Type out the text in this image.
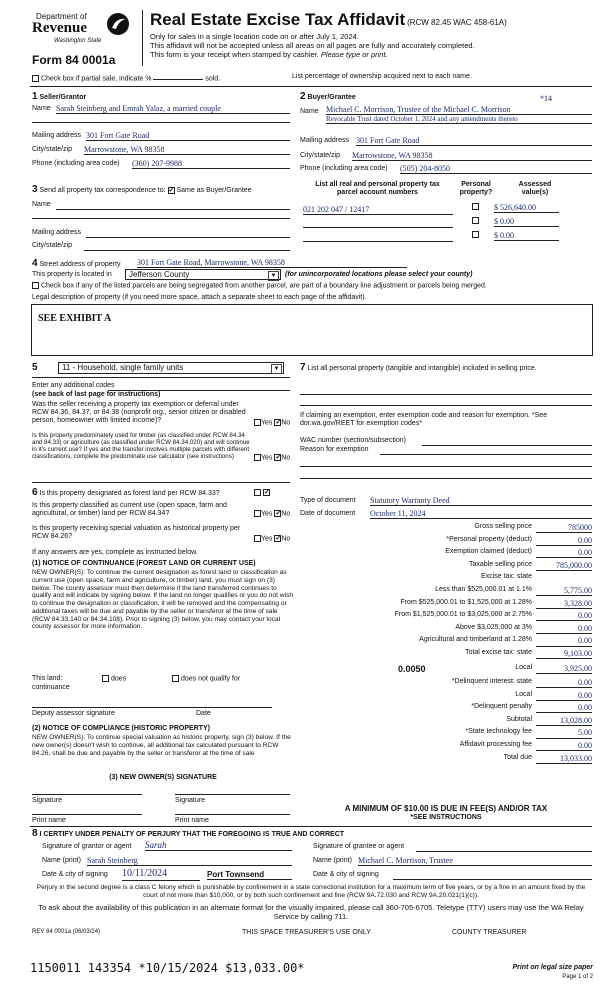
Department of
Revenue
Washington State
Form 84 0001a
Real Estate Excise Tax Affidavit (RCW 82.45 WAC 458-61A)
Only for sales in a single location code on or after July 1, 2024.
This affidavit will not be accepted unless all areas on all pages are fully and accurately completed.
This form is your receipt when stamped by cashier. Please type or print.
Check box if partial sale, indicate %	sold.	List percentage of ownership acquired next to each name.
1 Seller/Grantor
Name Sarah Steinberg and Emrah Yalaz, a married couple
Mailing address 301 Fort Gate Road
City/state/zip Marrowstone, WA 98358
Phone (including area code) (360) 207-9988
2 Buyer/Grantee	*14
Name Michael C. Morrison, Trustee of the Michael C. Morrison
Revocable Trust dated October 1, 2024 and any amendments thereto
Mailing address 301 Fort Gate Road
City/state/zip Marrowstone, WA 98358
Phone (including area code) (505) 204-8050
3 Send all property tax correspondence to: ✓ Same as Buyer/Grantee
Name
Mailing address
City/state/zip
List all real and personal property tax parcel account numbers
Personal property?
Assessed value(s)
021 202 047 / 12417	$ 526,640.00
$ 0.00
$ 0.00
4 Street address of property	301 Fort Gate Road, Marrowstone, WA 98358
This property is located in	Jefferson County	▼	(for unincorporated locations please select your county)
Check box if any of the listed parcels are being segregated from another parcel, are part of a boundary line adjustment or parcels being merged.
Legal description of property (if you need more space, attach a separate sheet to each page of the affidavit).
SEE EXHIBIT A
5	11 - Household, single family units	▼
Enter any additional codes
(see back of last page for instructions)
Was the seller receiving a property tax exemption or deferral under RCW 84.36, 84.37, or 84.38 (nonprofit org., senior citizen or disabled person, homeowner with limited income)?	Yes ✓ No
Is this property predominately used for timber (as classified under RCW 84.34 and 84.33) or agriculture (as classified under RCW 84.34.020) and will continue in it's current use? If yes and the transfer involves multiple parcels with different classifications, complete the predominate use calculator (see instructions)	Yes ✓ No
6 Is this property designated as forest land per RCW 84.33?
✓
Is this property classified as current use (open space, farm and agricultural, or timber) land per RCW 84.34?	Yes ✓ No
Is this property receiving special valuation as historical property per RCW 84.26?	Yes ✓ No
If any answers are yes, complete as instructed below.
(1) NOTICE OF CONTINUANCE (FOREST LAND OR CURRENT USE)
NEW OWNER(S): To continue the current designation as forest land or classification as current use (open space, farm and agriculture, or timber) land, you must sign on (3) below. The county assessor must then determine if the land transferred continues to qualify and will indicate by signing below. If the land no longer qualifies or you do not wish to continue the designation or classification, it will be removed and the compensating or additional taxes will be due and payable by the seller or transferor at the time of sale (RCW 84.33.140 or 84.34.108). Prior to signing (3) below, you may contact your local county assessor for more information.
This land:	does	does not qualify for
continuance
Deputy assessor signature	Date
(2) NOTICE OF COMPLIANCE (HISTORIC PROPERTY)
NEW OWNER(S): To continue special valuation as historic property, sign (3) below. If the new owner(s) doesn't wish to continue, all additional tax calculated pursuant to RCW 84.26, shall be due and payable by the seller or transferor at the time of sale
(3) NEW OWNER(S) SIGNATURE
Signature	Signature
Print name	Print name
7 List all personal property (tangible and intangible) included in selling price.
If claiming an exemption, enter exemption code and reason for exemption. *See dor.wa.gov/REET for exemption codes*
WAC number (section/subsection)
Reason for exemption
Type of document Statutory Warranty Deed
Date of document October 11, 2024
Gross selling price	785000
*Personal property (deduct)	0.00
Exemption claimed (deduct)	0.00
Taxable selling price	785,000.00
Excise tax: state
Less than $525,000.01 at 1.1%	5,775.00
From $525,000.01 to $1,525,000 at 1.28%	3,328.00
From $1,525,000.01 to $3,025,000 at 2.75%	0.00
Above $3,025,000 at 3%	0.00
Agricultural and timberland at 1.28%	0.00
Total excise tax: state	9,103.00
0.0050	Local	3,925.00
*Delinquent interest: state	0.00
Local	0.00
*Delinquent penalty	0.00
Subtotal	13,028.00
*State technology fee	5.00
Affidavit processing fee	0.00
Total due	13,033.00
A MINIMUM OF $10.00 IS DUE IN FEE(S) AND/OR TAX
*SEE INSTRUCTIONS
8 I CERTIFY UNDER PENALTY OF PERJURY THAT THE FOREGOING IS TRUE AND CORRECT
Signature of grantor or agent Sarah
Name (print) Sarah Steinberg
Date & city of signing 10/11/2024	Port Townsend
Signature of grantee or agent
Name (print) Michael C. Morrison, Trustee
Date & city of signing
Perjury in the second degree is a class C felony which is punishable by confinement in a state correctional institution for a maximum term of five years, or by a fine in an amount fixed by the court of not more than $10,000, or by both such confinement and fine (RCW 9A.72.030 and RCW 9A.20.021(1)(c)).
To ask about the availability of this publication in an alternate format for the visually impaired, please call 360-705-6705. Teletype (TTY) users may use the WA Relay Service by calling 711.
REV 84 0001a (06/03/24)	THIS SPACE TREASURER'S USE ONLY	COUNTY TREASURER
1150011 143354 *10/15/2024 $13,033.00*	Print on legal size paper
Page 1 of 2
